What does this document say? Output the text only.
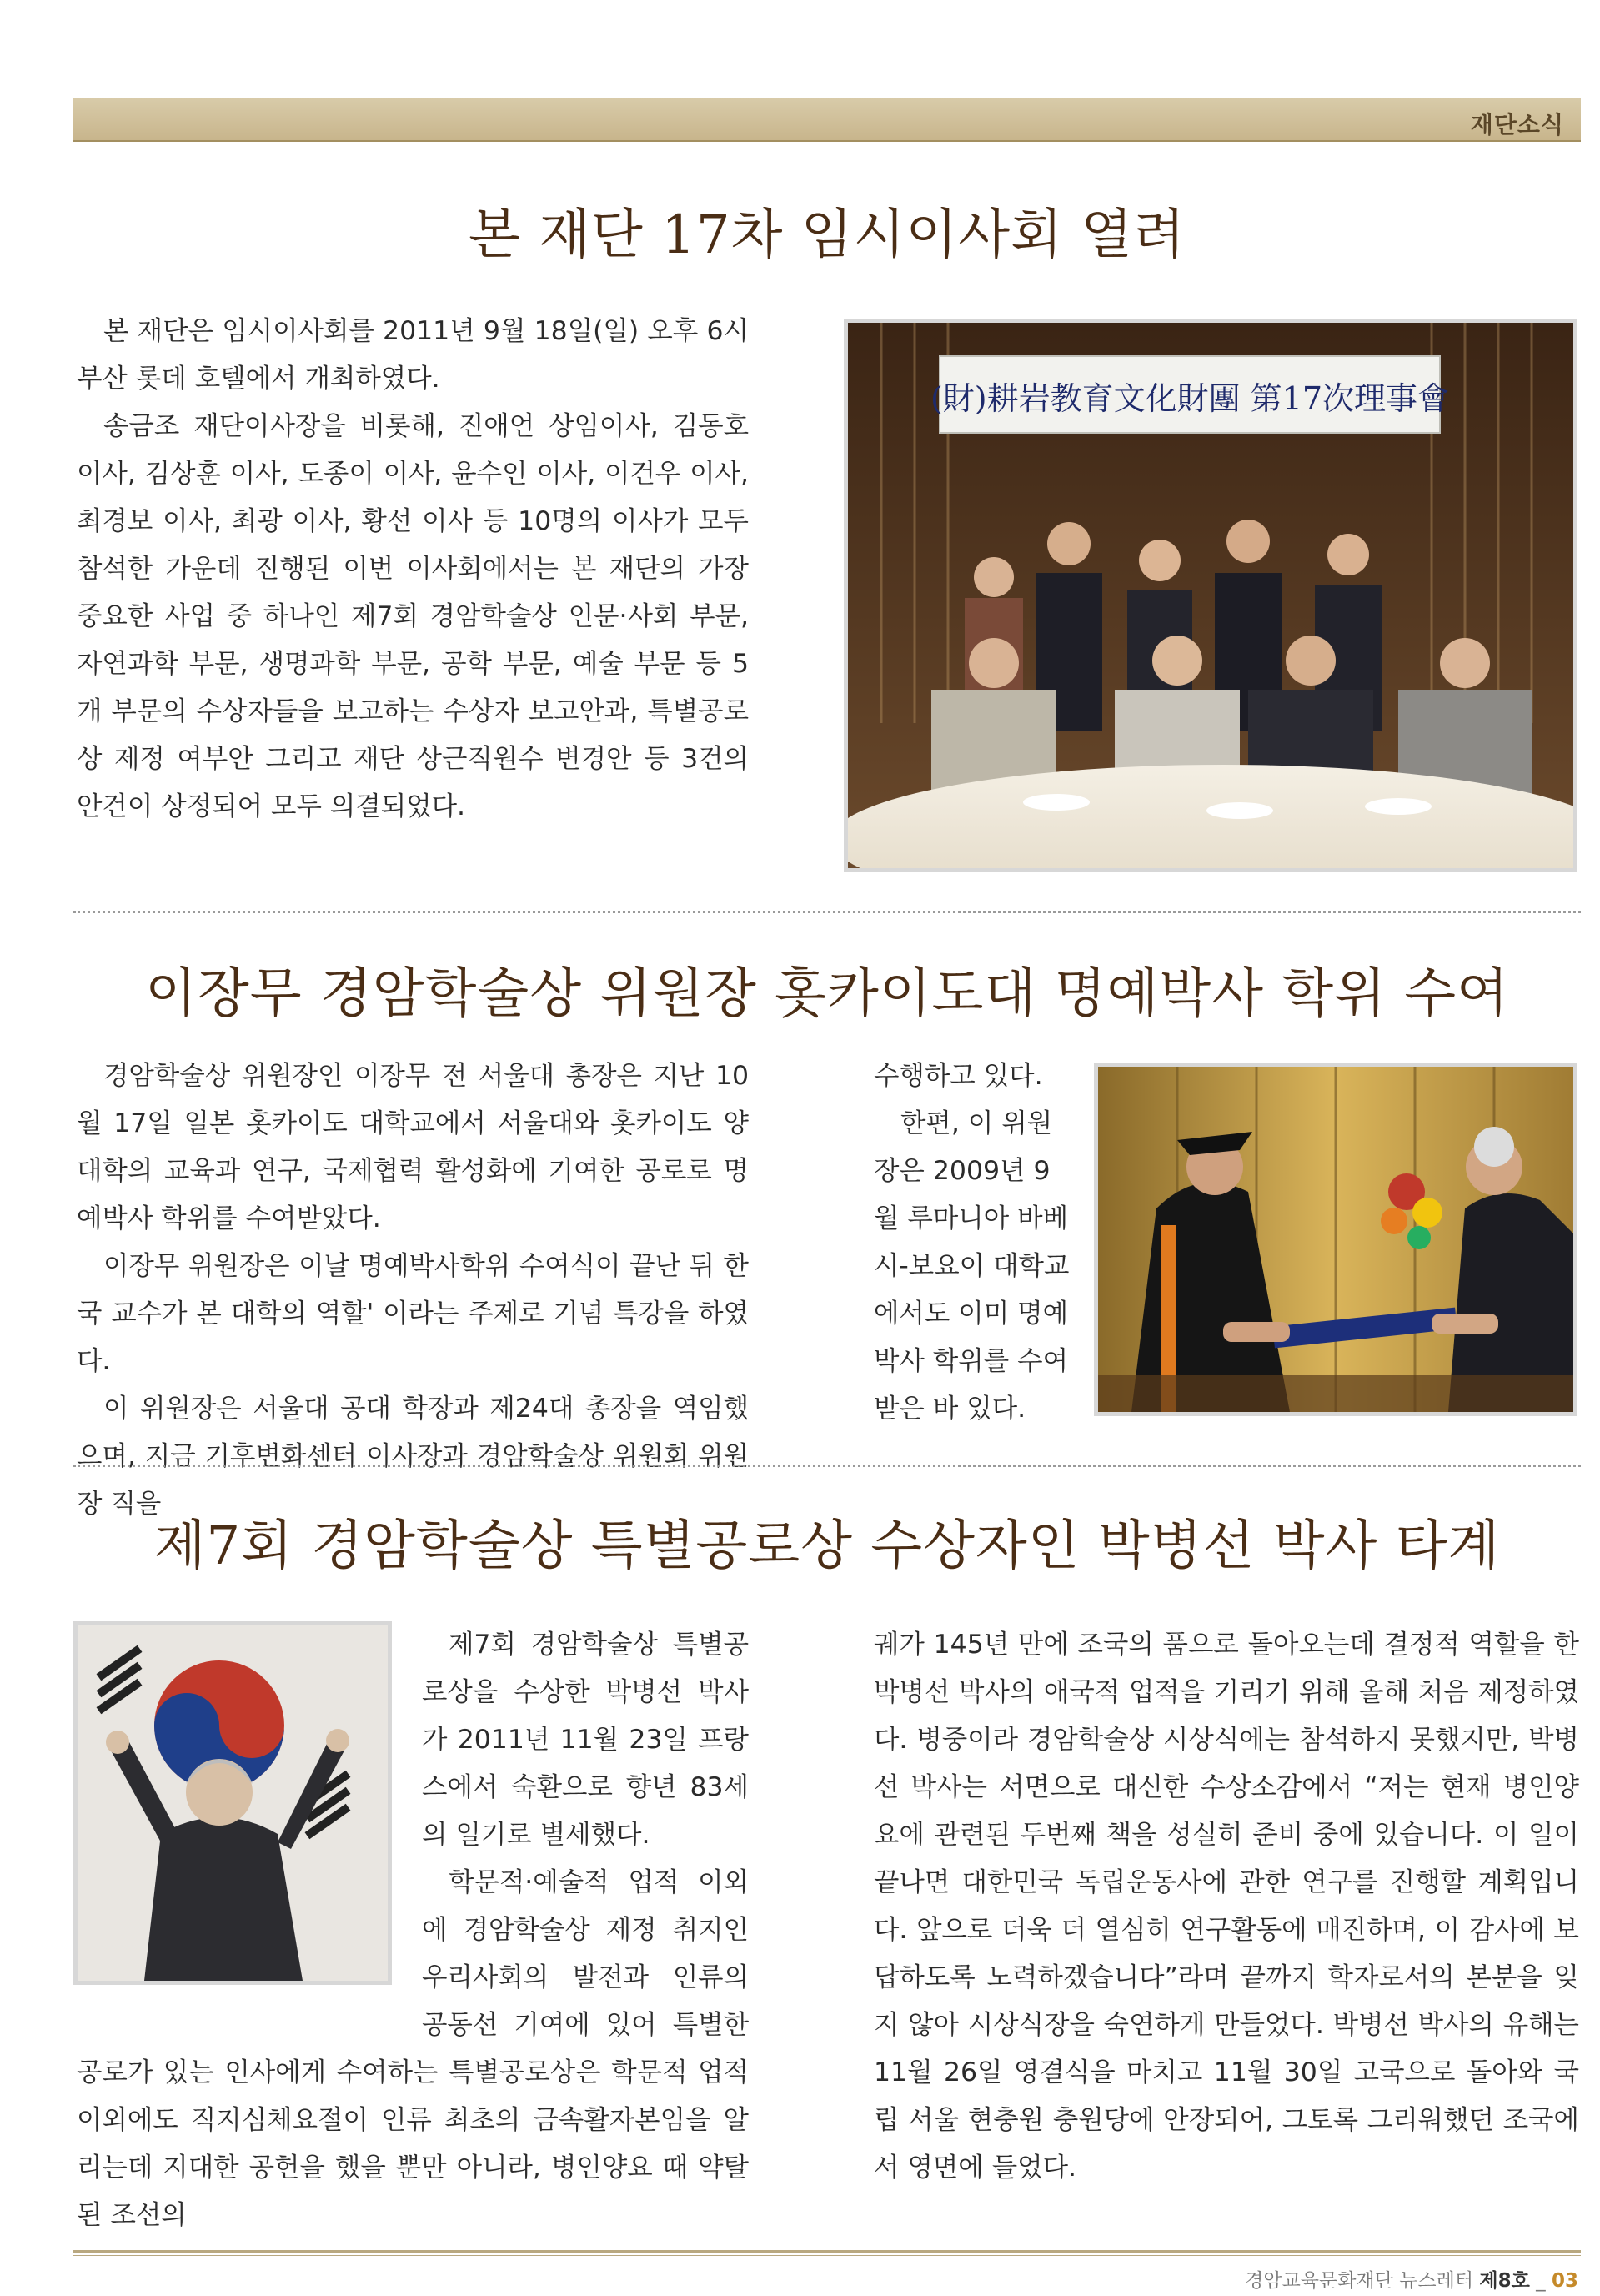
재단소식
본 재단 17차 임시이사회 열려

본 재단은 임시이사회를 2011년 9월 18일(일) 오후 6시 부산 롯데 호텔에서 개최하였다.

송금조 재단이사장을 비롯해, 진애언 상임이사, 김동호 이사, 김상훈 이사, 도종이 이사, 윤수인 이사, 이건우 이사, 최경보 이사, 최광 이사, 황선 이사 등 10명의 이사가 모두 참석한 가운데 진행된 이번 이사회에서는 본 재단의 가장 중요한 사업 중 하나인 제7회 경암학술상 인문·사회 부문, 자연과학 부문, 생명과학 부문, 공학 부문, 예술 부문 등 5개 부문의 수상자들을 보고하는 수상자 보고안과, 특별공로상 제정 여부안 그리고 재단 상근직원수 변경안 등 3건의 안건이 상정되어 모두 의결되었다.

(財)耕岩教育文化財團 第17次理事會
이장무 경암학술상 위원장 홋카이도대 명예박사 학위 수여

경암학술상 위원장인 이장무 전 서울대 총장은 지난 10월 17일 일본 홋카이도 대학교에서 서울대와 홋카이도 양 대학의 교육과 연구, 국제협력 활성화에 기여한 공로로 명예박사 학위를 수여받았다.

이장무 위원장은 이날 명예박사학위 수여식이 끝난 뒤 한국 교수가 본 대학의 역할' 이라는 주제로 기념 특강을 하였다.

이 위원장은 서울대 공대 학장과 제24대 총장을 역임했으며, 지금 기후변화센터 이사장과 경암학술상 위원회 위원장 직을

수행하고 있다.

한편, 이 위원장은 2009년 9월 루마니아 바베시-보요이 대학교에서도 이미 명예박사 학위를 수여받은 바 있다.

제7회 경암학술상 특별공로상 수상자인 박병선 박사 타계

제7회 경암학술상 특별공로상을 수상한 박병선 박사가 2011년 11월 23일 프랑스에서 숙환으로 향년 83세의 일기로 별세했다.

학문적·예술적 업적 이외에 경암학술상 제정 취지인 우리사회의 발전과 인류의 공동선 기여에 있어 특별한 공로가 있는 인사에게 수여하는 특별공로상은 학문적 업적 이외에도 직지심체요절이 인류 최초의 금속활자본임을 알리는데 지대한 공헌을 했을 뿐만 아니라, 병인양요 때 약탈된 조선의

궤가 145년 만에 조국의 품으로 돌아오는데 결정적 역할을 한 박병선 박사의 애국적 업적을 기리기 위해 올해 처음 제정하였다. 병중이라 경암학술상 시상식에는 참석하지 못했지만, 박병선 박사는 서면으로 대신한 수상소감에서 “저는 현재 병인양요에 관련된 두번째 책을 성실히 준비 중에 있습니다. 이 일이 끝나면 대한민국 독립운동사에 관한 연구를 진행할 계획입니다. 앞으로 더욱 더 열심히 연구활동에 매진하며, 이 감사에 보답하도록 노력하겠습니다”라며 끝까지 학자로서의 본분을 잊지 않아 시상식장을 숙연하게 만들었다. 박병선 박사의 유해는 11월 26일 영결식을 마치고 11월 30일 고국으로 돌아와 국립 서울 현충원 충원당에 안장되어, 그토록 그리워했던 조국에서 영면에 들었다.

경암교육문화재단 뉴스레터 제8호 _ 03
